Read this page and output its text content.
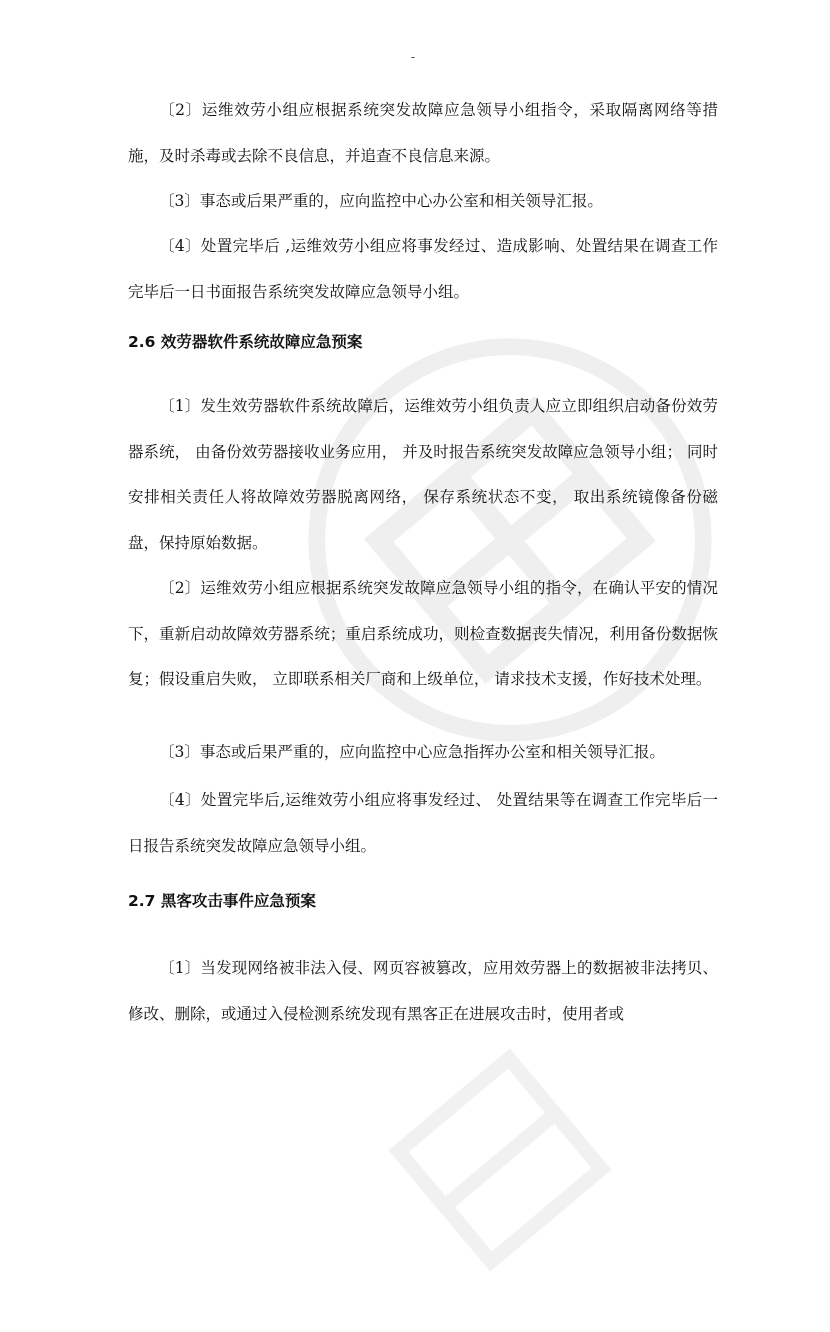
-

〔2〕运维效劳小组应根据系统突发故障应急领导小组指令，采取隔离网络等措施，及时杀毒或去除不良信息，并追查不良信息来源。

〔3〕事态或后果严重的，应向监控中心办公室和相关领导汇报。

〔4〕处置完毕后 ,运维效劳小组应将事发经过、造成影响、处置结果在调查工作完毕后一日书面报告系统突发故障应急领导小组。

2.6 效劳器软件系统故障应急预案

〔1〕发生效劳器软件系统故障后，运维效劳小组负责人应立即组织启动备份效劳器系统， 由备份效劳器接收业务应用， 并及时报告系统突发故障应急领导小组； 同时安排相关责任人将故障效劳器脱离网络， 保存系统状态不变， 取出系统镜像备份磁盘，保持原始数据。

〔2〕运维效劳小组应根据系统突发故障应急领导小组的指令，在确认平安的情况下，重新启动故障效劳器系统；重启系统成功，则检查数据丧失情况，利用备份数据恢复；假设重启失败， 立即联系相关厂商和上级单位， 请求技术支援，作好技术处理。

〔3〕事态或后果严重的，应向监控中心应急指挥办公室和相关领导汇报。

〔4〕处置完毕后,运维效劳小组应将事发经过、 处置结果等在调查工作完毕后一日报告系统突发故障应急领导小组。

2.7 黑客攻击事件应急预案

〔1〕当发现网络被非法入侵、网页容被篡改，应用效劳器上的数据被非法拷贝、修改、删除，或通过入侵检测系统发现有黑客正在进展攻击时，使用者或
